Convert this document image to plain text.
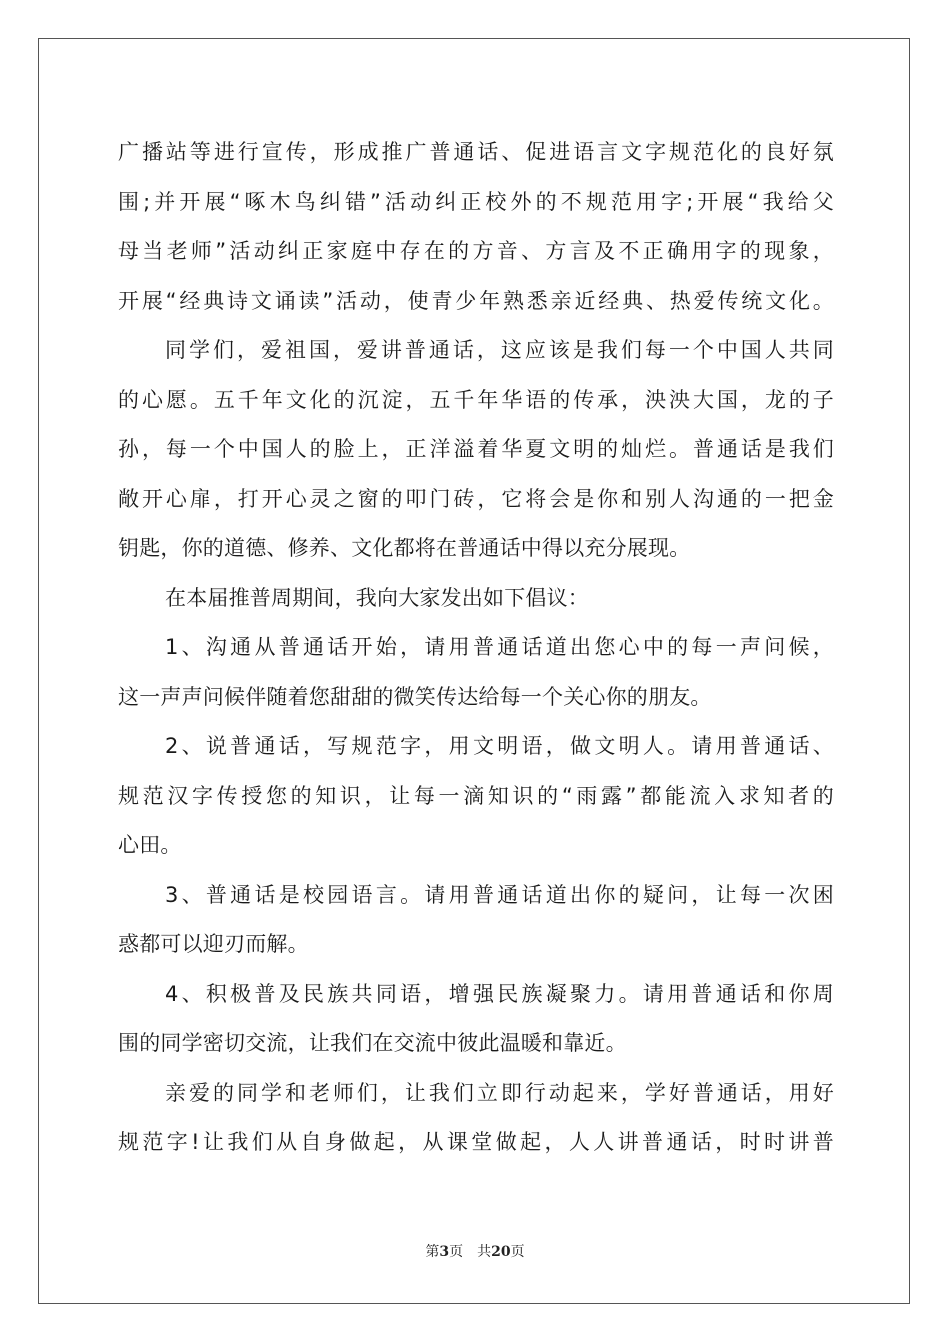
广播站等进行宣传，形成推广普通话、促进语言文字规范化的良好氛
围;并开展“啄木鸟纠错”活动纠正校外的不规范用字;开展“我给父
母当老师”活动纠正家庭中存在的方音、方言及不正确用字的现象，
开展“经典诗文诵读”活动，使青少年熟悉亲近经典、热爱传统文化。
同学们，爱祖国，爱讲普通话，这应该是我们每一个中国人共同
的心愿。五千年文化的沉淀，五千年华语的传承，泱泱大国，龙的子
孙，每一个中国人的脸上，正洋溢着华夏文明的灿烂。普通话是我们
敞开心扉，打开心灵之窗的叩门砖，它将会是你和别人沟通的一把金
钥匙，你的道德、修养、文化都将在普通话中得以充分展现。
在本届推普周期间，我向大家发出如下倡议：
1、沟通从普通话开始，请用普通话道出您心中的每一声问候，
这一声声问候伴随着您甜甜的微笑传达给每一个关心你的朋友。
2、说普通话，写规范字，用文明语，做文明人。请用普通话、
规范汉字传授您的知识，让每一滴知识的“雨露”都能流入求知者的
心田。
3、普通话是校园语言。请用普通话道出你的疑问，让每一次困
惑都可以迎刃而解。
4、积极普及民族共同语，增强民族凝聚力。请用普通话和你周
围的同学密切交流，让我们在交流中彼此温暖和靠近。
亲爱的同学和老师们，让我们立即行动起来，学好普通话，用好
规范字!让我们从自身做起，从课堂做起，人人讲普通话，时时讲普
第3页 共20页
